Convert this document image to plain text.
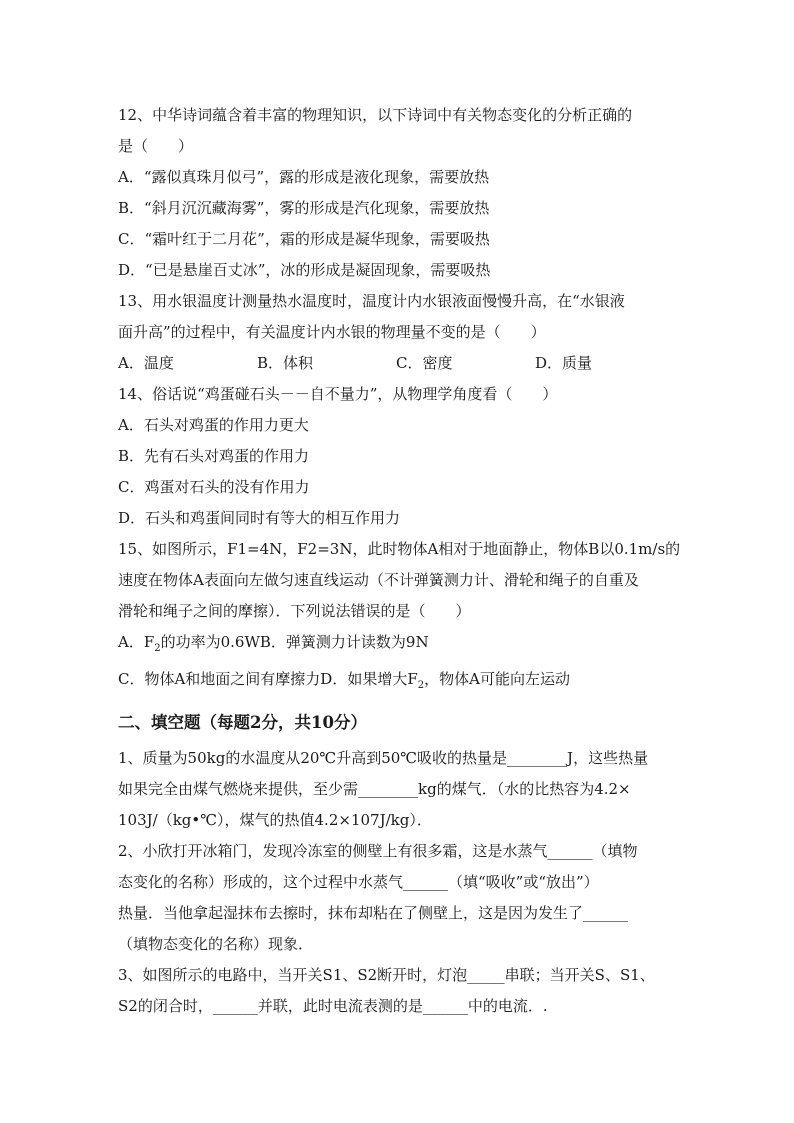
12、中华诗词蕴含着丰富的物理知识，以下诗词中有关物态变化的分析正确的
是（　　）
A．“露似真珠月似弓”，露的形成是液化现象，需要放热
B．“斜月沉沉藏海雾”，雾的形成是汽化现象，需要放热
C．“霜叶红于二月花”，霜的形成是凝华现象，需要吸热
D．“已是悬崖百丈冰”，冰的形成是凝固现象，需要吸热
13、用水银温度计测量热水温度时，温度计内水银液面慢慢升高，在“水银液
面升高”的过程中，有关温度计内水银的物理量不变的是（　　）
A．温度	B．体积	C．密度	D．质量
14、俗话说“鸡蛋碰石头－－自不量力”，从物理学角度看（　　）
A．石头对鸡蛋的作用力更大
B．先有石头对鸡蛋的作用力
C．鸡蛋对石头的没有作用力
D．石头和鸡蛋间同时有等大的相互作用力
15、如图所示，F1=4N，F2=3N，此时物体A相对于地面静止，物体B以0.1m/s的
速度在物体A表面向左做匀速直线运动（不计弹簧测力计、滑轮和绳子的自重及
滑轮和绳子之间的摩擦）．下列说法错误的是（　　）
A．$F_2$的功率为0.6WB．弹簧测力计读数为9N
C．物体A和地面之间有摩擦力D．如果增大$F_2$，物体A可能向左运动
二、填空题（每题2分，共10分）
1、质量为50kg的水温度从20℃升高到50℃吸收的热量是________J，这些热量
如果完全由煤气燃烧来提供，至少需________kg的煤气．（水的比热容为4.2×
103J/（kg•℃），煤气的热值4.2×107J/kg）．
2、小欣打开冰箱门，发现冷冻室的侧壁上有很多霜，这是水蒸气______（填物
态变化的名称）形成的，这个过程中水蒸气______（填“吸收”或“放出”）
热量．当他拿起湿抹布去擦时，抹布却粘在了侧壁上，这是因为发生了______
（填物态变化的名称）现象．
3、如图所示的电路中，当开关S1、S2断开时，灯泡_____串联；当开关S、S1、
S2的闭合时，______并联，此时电流表测的是______中的电流．.
